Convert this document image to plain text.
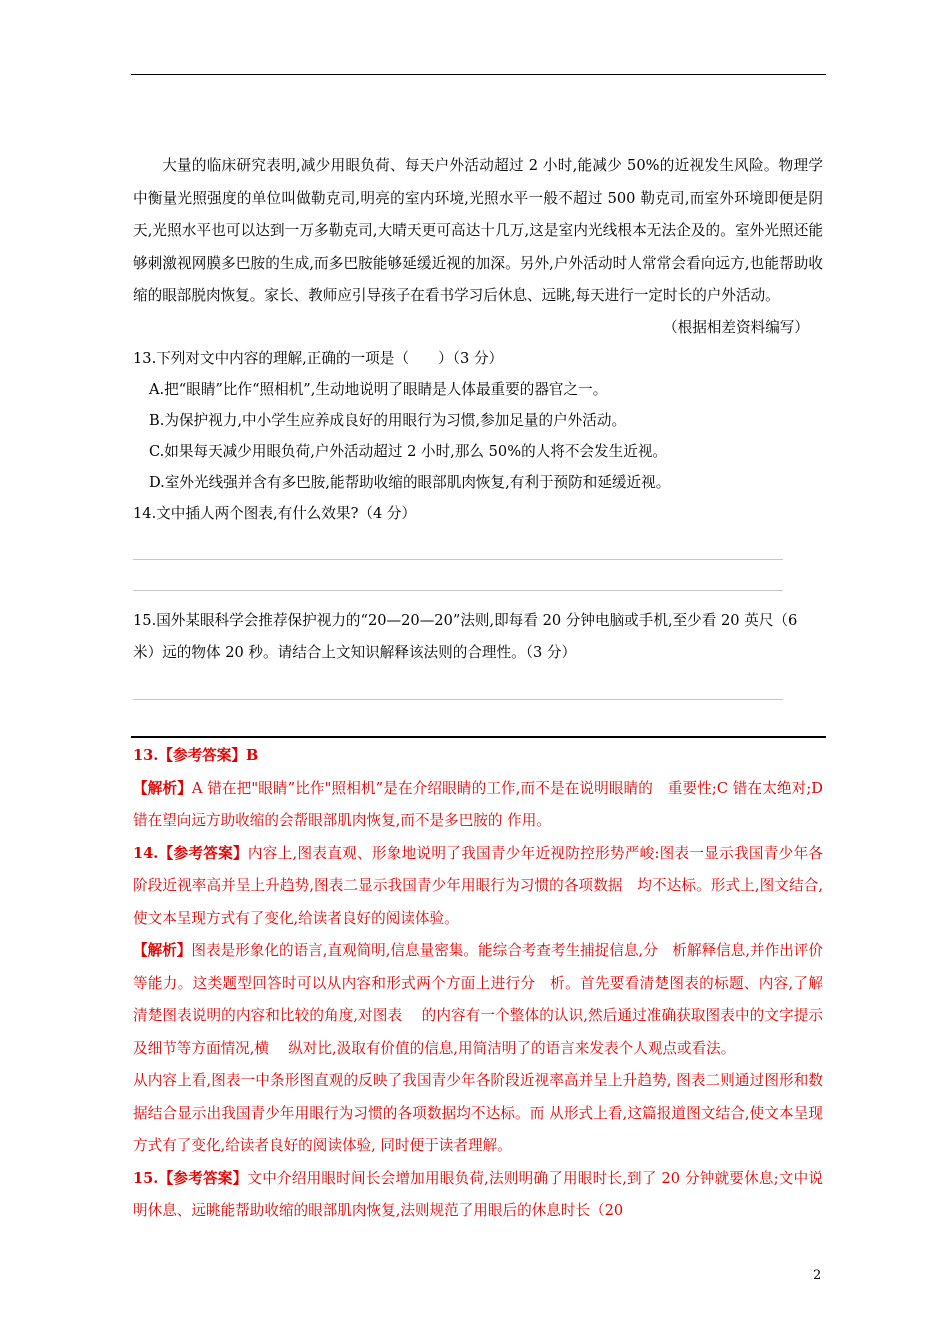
大量的临床研究表明,减少用眼负荷、每天户外活动超过 2 小时,能减少 50%的近视发生风险。物理学中衡量光照强度的单位叫做勒克司,明亮的室内环境,光照水平一般不超过 500 勒克司,而室外环境即便是阴天,光照水平也可以达到一万多勒克司,大晴天更可高达十几万,这是室内光线根本无法企及的。室外光照还能够刺激视网膜多巴胺的生成,而多巴胺能够延缓近视的加深。另外,户外活动时人常常会看向远方,也能帮助收缩的眼部脱肉恢复。家长、教师应引导孩子在看书学习后休息、远眺,每天进行一定时长的户外活动。

（根据相差资料编写）

13.下列对文中内容的理解,正确的一项是（　　）（3 分）

A.把“眼睛”比作“照相机”,生动地说明了眼睛是人体最重要的器官之一。

B.为保护视力,中小学生应养成良好的用眼行为习惯,参加足量的户外活动。

C.如果每天减少用眼负荷,户外活动超过 2 小时,那么 50%的人将不会发生近视。

D.室外光线强并含有多巴胺,能帮助收缩的眼部肌肉恢复,有利于预防和延缓近视。

14.文中插人两个图表,有什么效果?（4 分）

15.国外某眼科学会推荐保护视力的“20—20—20”法则,即每看 20 分钟电脑或手机,至少看 20 英尺（6 米）远的物体 20 秒。请结合上文知识解释该法则的合理性。（3 分）

13.【参考答案】B

【解析】A 错在把"眼睛”比作"照相机”是在介绍眼睛的工作,而不是在说明眼睛的　重要性;C 错在太绝对;D 错在望向远方助收缩的会帮眼部肌肉恢复,而不是多巴胺的 作用。

14.【参考答案】内容上,图表直观、形象地说明了我国青少年近视防控形势严峻:图表一显示我国青少年各阶段近视率高并呈上升趋势,图表二显示我国青少年用眼行为习惯的各项数据　均不达标。形式上,图文结合,使文本呈现方式有了变化,给读者良好的阅读体验。

【解析】图表是形象化的语言,直观简明,信息量密集。能综合考查考生捕捉信息,分　析解释信息,并作出评价等能力。这类题型回答时可以从内容和形式两个方面上进行分　析。首先要看清楚图表的标题、内容,了解清楚图表说明的内容和比较的角度,对图表　 的内容有一个整体的认识,然后通过准确获取图表中的文字提示及细节等方面情况,横　 纵对比,汲取有价值的信息,用简洁明了的语言来发表个人观点或看法。

从内容上看,图表一中条形图直观的反映了我国青少年各阶段近视率高并呈上升趋势, 图表二则通过图形和数据结合显示出我国青少年用眼行为习惯的各项数据均不达标。而 从形式上看,这篇报道图文结合,使文本呈现方式有了变化,给读者良好的阅读体验, 同时便于读者理解。

15.【参考答案】文中介绍用眼时间长会增加用眼负荷,法则明确了用眼时长,到了 20 分钟就要休息;文中说明休息、远眺能帮助收缩的眼部肌肉恢复,法则规范了用眼后的休息时长（20

2
